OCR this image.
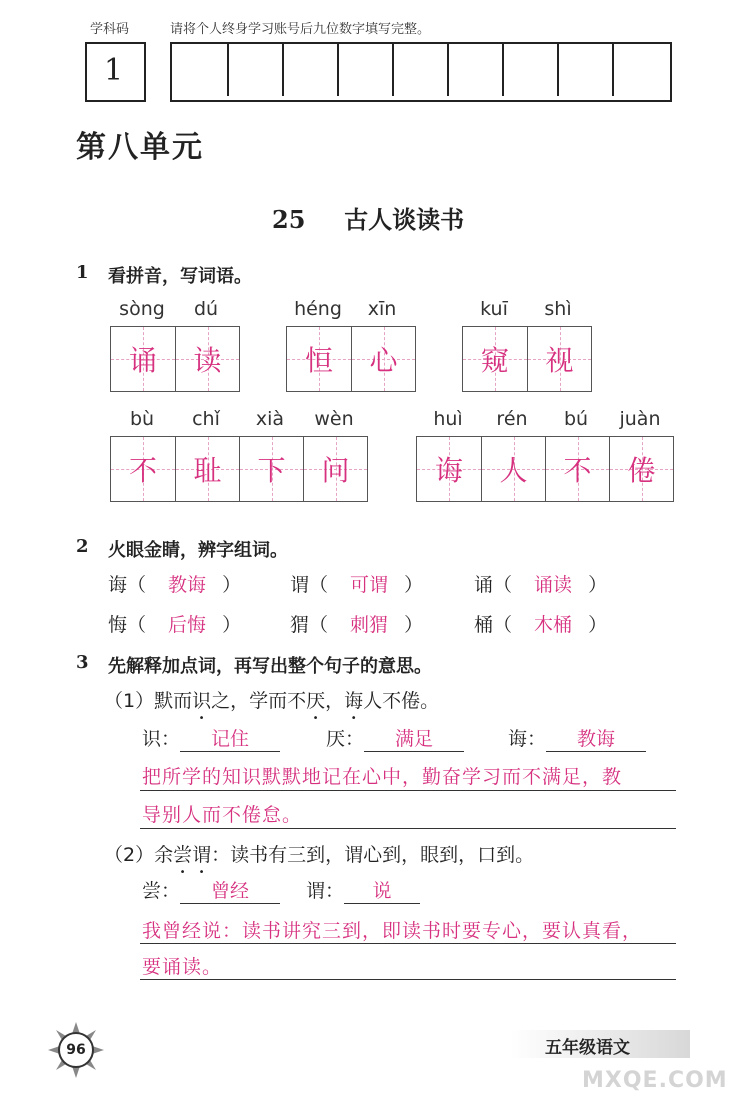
学科码	请将个人终身学习账号后九位数字填写完整。
1
第八单元
25 古人谈读书
1 看拼音，写词语。
sòng	dú
诵 读
héng	xīn
恒 心
kuī	shì
窥 视
bù	chǐ	xià	wèn
不 耻 下 问
huì	rén	bú	juàn
诲 人 不 倦
2 火眼金睛，辨字组词。
诲（ 教诲 ）	谓（ 可谓 ）	诵（ 诵读 ）
悔（ 后悔 ）	猬（ 刺猬 ）	桶（ 木桶 ）
3 先解释加点词，再写出整个句子的意思。
（1）默而识之，学而不厌，诲人不倦。
识： 记住	厌： 满足	诲： 教诲
把所学的知识默默地记在心中，勤奋学习而不满足，教
导别人而不倦怠。
（2）余尝谓：读书有三到，谓心到，眼到，口到。
尝： 曾经	谓： 说
我曾经说：读书讲究三到，即读书时要专心，要认真看，
要诵读。
96	五年级语文
MXQE.COM
